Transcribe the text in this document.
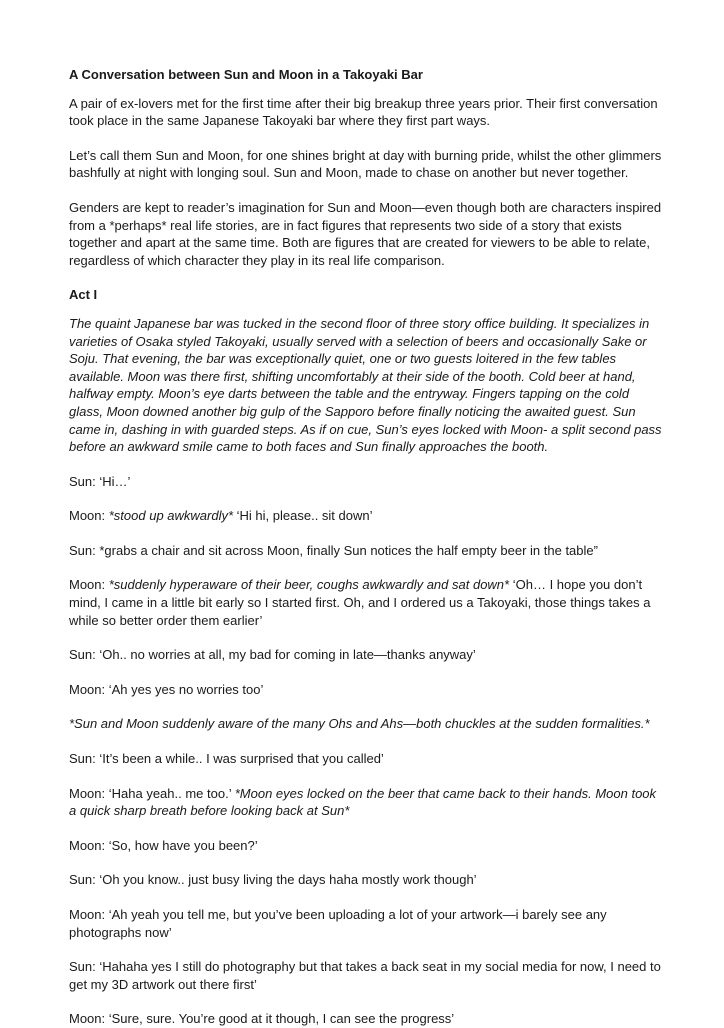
A Conversation between Sun and Moon in a Takoyaki Bar

A pair of ex-lovers met for the first time after their big breakup three years prior. Their first conversation took place in the same Japanese Takoyaki bar where they first part ways.

Let’s call them Sun and Moon, for one shines bright at day with burning pride, whilst the other glimmers bashfully at night with longing soul. Sun and Moon, made to chase on another but never together.

Genders are kept to reader’s imagination for Sun and Moon—even though both are characters inspired from a *perhaps* real life stories, are in fact figures that represents two side of a story that exists together and apart at the same time. Both are figures that are created for viewers to be able to relate, regardless of which character they play in its real life comparison.

Act I

The quaint Japanese bar was tucked in the second floor of three story office building. It specializes in varieties of Osaka styled Takoyaki, usually served with a selection of beers and occasionally Sake or Soju. That evening, the bar was exceptionally quiet, one or two guests loitered in the few tables available. Moon was there first, shifting uncomfortably at their side of the booth. Cold beer at hand, halfway empty. Moon’s eye darts between the table and the entryway. Fingers tapping on the cold glass, Moon downed another big gulp of the Sapporo before finally noticing the awaited guest. Sun came in, dashing in with guarded steps. As if on cue, Sun’s eyes locked with Moon- a split second pass before an awkward smile came to both faces and Sun finally approaches the booth.

Sun: ‘Hi…’

Moon: *stood up awkwardly* ‘Hi hi, please.. sit down’

Sun: *grabs a chair and sit across Moon, finally Sun notices the half empty beer in the table”

Moon: *suddenly hyperaware of their beer, coughs awkwardly and sat down* ‘Oh… I hope you don’t mind, I came in a little bit early so I started first. Oh, and I ordered us a Takoyaki, those things takes a while so better order them earlier’

Sun: ‘Oh.. no worries at all, my bad for coming in late—thanks anyway’

Moon: ‘Ah yes yes no worries too’

*Sun and Moon suddenly aware of the many Ohs and Ahs—both chuckles at the sudden formalities.*

Sun: ‘It’s been a while.. I was surprised that you called’

Moon: ‘Haha yeah.. me too.’ *Moon eyes locked on the beer that came back to their hands. Moon took a quick sharp breath before looking back at Sun*

Moon: ‘So, how have you been?’

Sun: ‘Oh you know.. just busy living the days haha mostly work though’

Moon: ‘Ah yeah you tell me, but you’ve been uploading a lot of your artwork—i barely see any photographs now’

Sun: ‘Hahaha yes I still do photography but that takes a back seat in my social media for now, I need to get my 3D artwork out there first’

Moon: ‘Sure, sure. You’re good at it though, I can see the progress’
